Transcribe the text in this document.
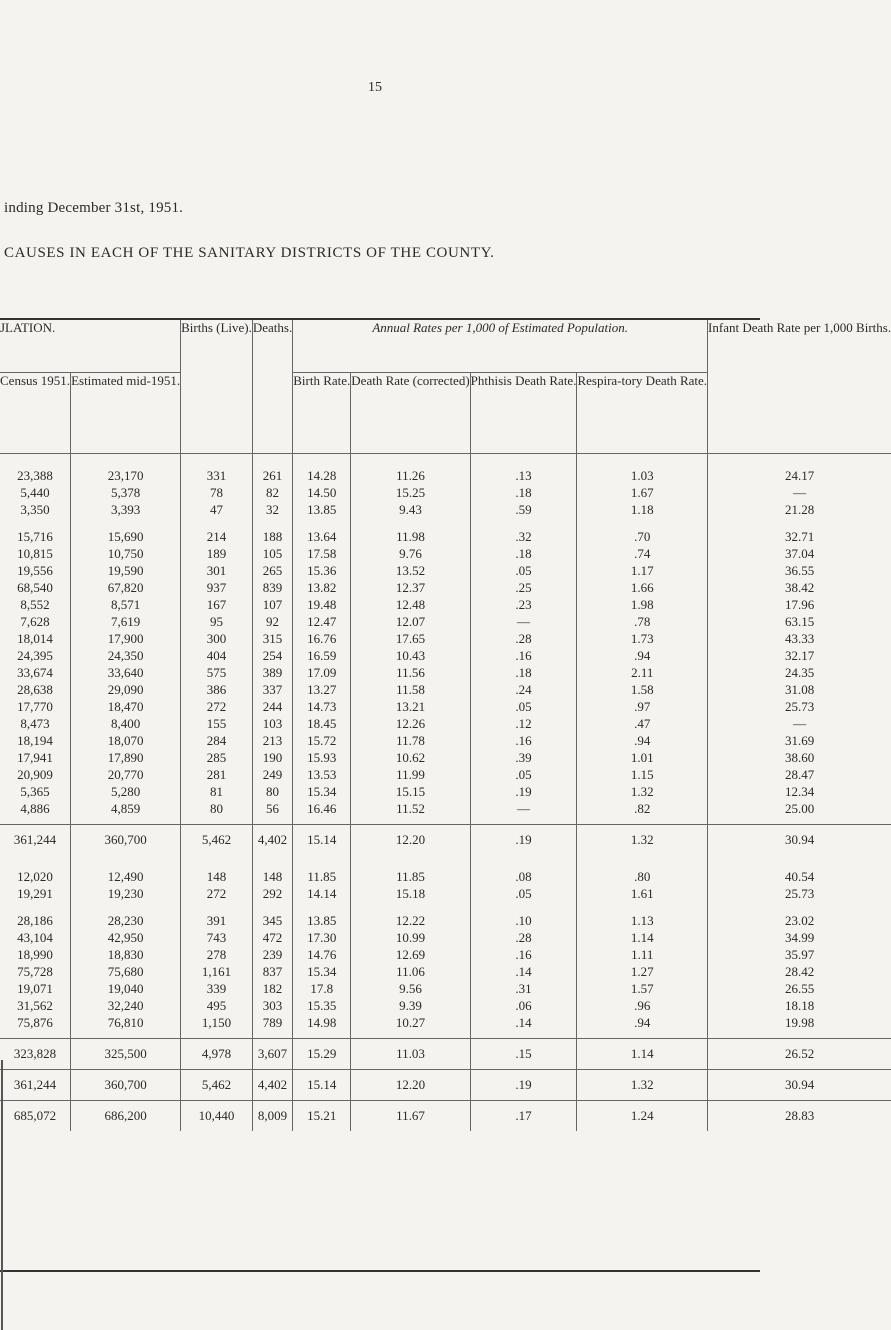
15
inding December 31st, 1951.
CAUSES IN EACH OF THE SANITARY DISTRICTS OF THE COUNTY.
JLATION.		Births (Live).	Deaths.	Annual Rates per 1,000 of Estimated Population.				Infant Death Rate per 1,000 Births.
Census 1951.	Estimated mid-1951.			Birth Rate.	Death Rate (corrected)	Phthisis Death Rate.	Respira-tory Death Rate.	

23,388	23,170	331	261	14.28	11.26	.13	1.03	24.17
5,440	5,378	78	82	14.50	15.25	.18	1.67	—
3,350	3,393	47	32	13.85	9.43	.59	1.18	21.28
15,716	15,690	214	188	13.64	11.98	.32	.70	32.71
10,815	10,750	189	105	17.58	9.76	.18	.74	37.04
19,556	19,590	301	265	15.36	13.52	.05	1.17	36.55
68,540	67,820	937	839	13.82	12.37	.25	1.66	38.42
8,552	8,571	167	107	19.48	12.48	.23	1.98	17.96
7,628	7,619	95	92	12.47	12.07	—	.78	63.15
18,014	17,900	300	315	16.76	17.65	.28	1.73	43.33
24,395	24,350	404	254	16.59	10.43	.16	.94	32.17
33,674	33,640	575	389	17.09	11.56	.18	2.11	24.35
28,638	29,090	386	337	13.27	11.58	.24	1.58	31.08
17,770	18,470	272	244	14.73	13.21	.05	.97	25.73
8,473	8,400	155	103	18.45	12.26	.12	.47	—
18,194	18,070	284	213	15.72	11.78	.16	.94	31.69
17,941	17,890	285	190	15.93	10.62	.39	1.01	38.60
20,909	20,770	281	249	13.53	11.99	.05	1.15	28.47
5,365	5,280	81	80	15.34	15.15	.19	1.32	12.34
4,886	4,859	80	56	16.46	11.52	—	.82	25.00

361,244	360,700	5,462	4,402	15.14	12.20	.19	1.32	30.94

12,020	12,490	148	148	11.85	11.85	.08	.80	40.54
19,291	19,230	272	292	14.14	15.18	.05	1.61	25.73
28,186	28,230	391	345	13.85	12.22	.10	1.13	23.02
43,104	42,950	743	472	17.30	10.99	.28	1.14	34.99
18,990	18,830	278	239	14.76	12.69	.16	1.11	35.97
75,728	75,680	1,161	837	15.34	11.06	.14	1.27	28.42
19,071	19,040	339	182	17.8	9.56	.31	1.57	26.55
31,562	32,240	495	303	15.35	9.39	.06	.96	18.18
75,876	76,810	1,150	789	14.98	10.27	.14	.94	19.98

323,828	325,500	4,978	3,607	15.29	11.03	.15	1.14	26.52
361,244	360,700	5,462	4,402	15.14	12.20	.19	1.32	30.94
685,072	686,200	10,440	8,009	15.21	11.67	.17	1.24	28.83
